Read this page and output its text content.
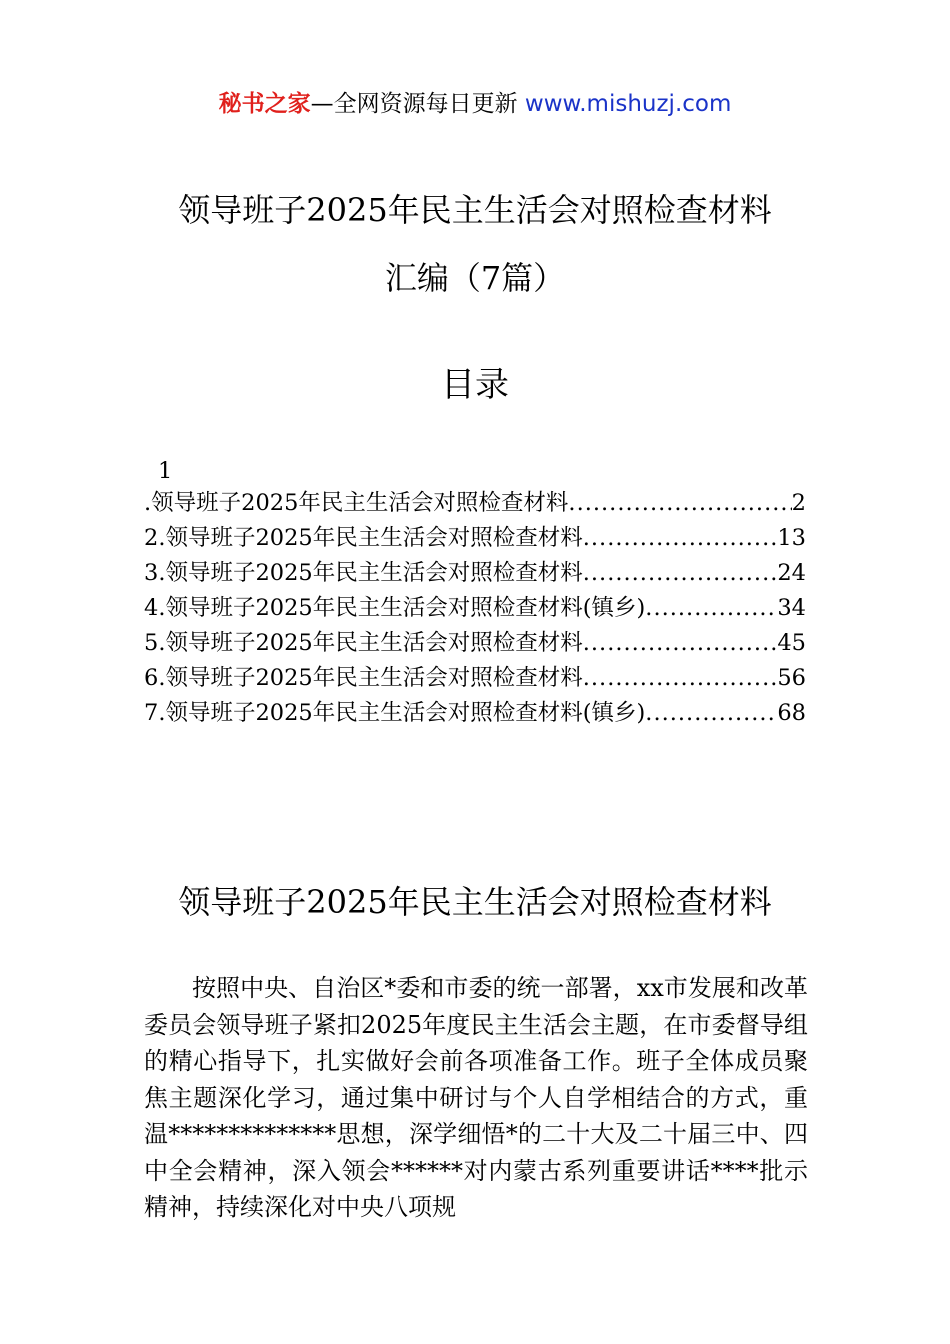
秘书之家—全网资源每日更新 www.mishuzj.com
领导班子2025年民主生活会对照检查材料
汇编（7篇）
目录
1
.领导班子2025年民主生活会对照检查材料 .....	2
2.领导班子2025年民主生活会对照检查材料 .....	13
3.领导班子2025年民主生活会对照检查材料 .....	24
4.领导班子2025年民主生活会对照检查材料(镇乡) .....	34
5.领导班子2025年民主生活会对照检查材料 .....	45
6.领导班子2025年民主生活会对照检查材料 .....	56
7.领导班子2025年民主生活会对照检查材料(镇乡) .....	68
领导班子2025年民主生活会对照检查材料

按照中央、自治区*委和市委的统一部署，xx市发展和改革委员会领导班子紧扣2025年度民主生活会主题，在市委督导组的精心指导下，扎实做好会前各项准备工作。班子全体成员聚焦主题深化学习，通过集中研讨与个人自学相结合的方式，重温**************思想，深学细悟*的二十大及二十届三中、四中全会精神，深入领会******对内蒙古系列重要讲话****批示精神，持续深化对中央八项规
